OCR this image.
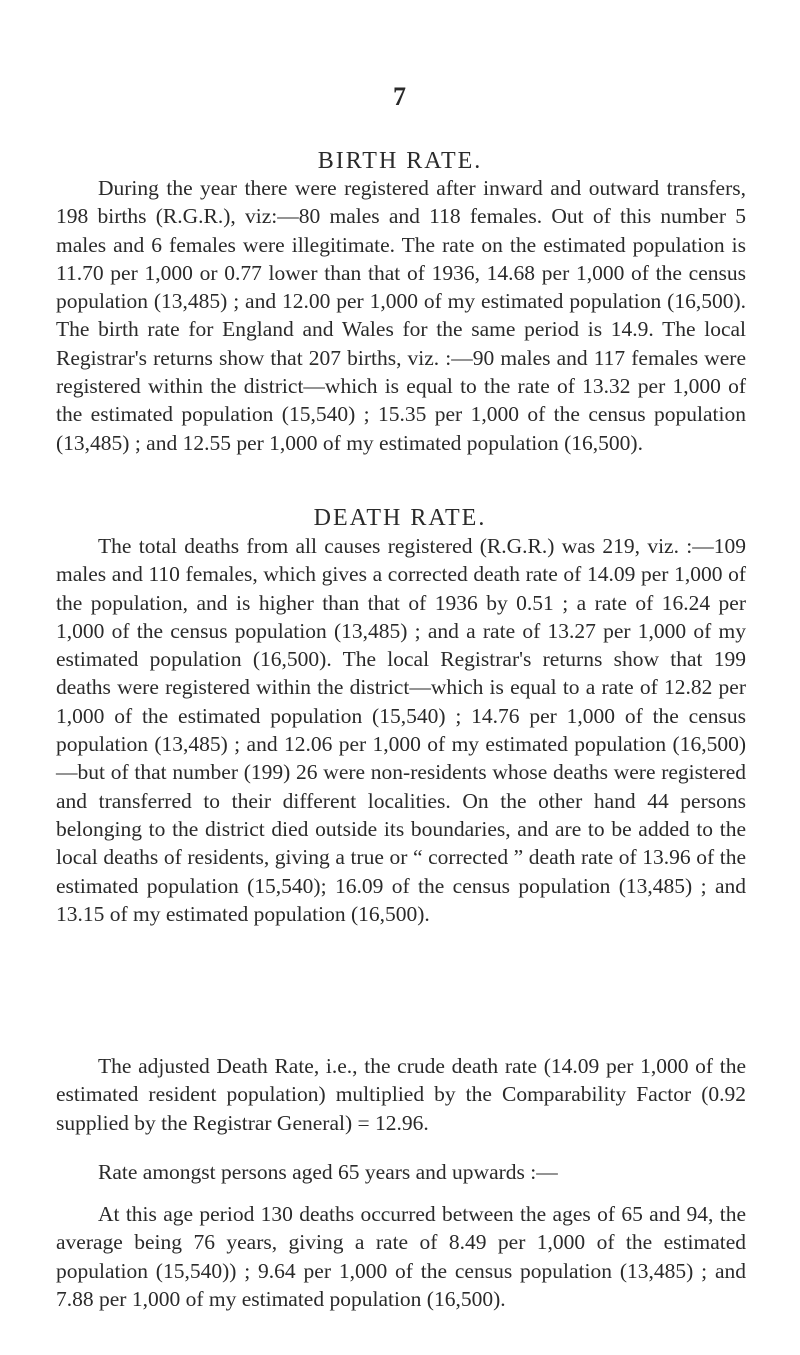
7
BIRTH RATE.

During the year there were registered after inward and outward transfers, 198 births (R.G.R.), viz:—80 males and 118 females. Out of this number 5 males and 6 females were illegitimate. The rate on the estimated population is 11.70 per 1,000 or 0.77 lower than that of 1936, 14.68 per 1,000 of the census population (13,485) ; and 12.00 per 1,000 of my estimated population (16,500). The birth rate for England and Wales for the same period is 14.9. The local Registrar's returns show that 207 births, viz. :—90 males and 117 females were registered within the district—which is equal to the rate of 13.32 per 1,000 of the estimated population (15,540) ; 15.35 per 1,000 of the census population (13,485) ; and 12.55 per 1,000 of my estimated population (16,500).

DEATH RATE.

The total deaths from all causes registered (R.G.R.) was 219, viz. :—109 males and 110 females, which gives a corrected death rate of 14.09 per 1,000 of the population, and is higher than that of 1936 by 0.51 ; a rate of 16.24 per 1,000 of the census population (13,485) ; and a rate of 13.27 per 1,000 of my estimated population (16,500). The local Registrar's returns show that 199 deaths were registered within the district—which is equal to a rate of 12.82 per 1,000 of the estimated population (15,540) ; 14.76 per 1,000 of the census population (13,485) ; and 12.06 per 1,000 of my estimated population (16,500)—but of that number (199) 26 were non-residents whose deaths were registered and transferred to their different localities. On the other hand 44 persons belonging to the district died outside its boundaries, and are to be added to the local deaths of residents, giving a true or “ corrected ” death rate of 13.96 of the estimated population (15,540); 16.09 of the census population (13,485) ; and 13.15 of my estimated population (16,500).

The adjusted Death Rate, i.e., the crude death rate (14.09 per 1,000 of the estimated resident population) multiplied by the Comparability Factor (0.92 supplied by the Registrar General) = 12.96.

Rate amongst persons aged 65 years and upwards :—

At this age period 130 deaths occurred between the ages of 65 and 94, the average being 76 years, giving a rate of 8.49 per 1,000 of the estimated population (15,540)) ; 9.64 per 1,000 of the census population (13,485) ; and 7.88 per 1,000 of my estimated population (16,500).
